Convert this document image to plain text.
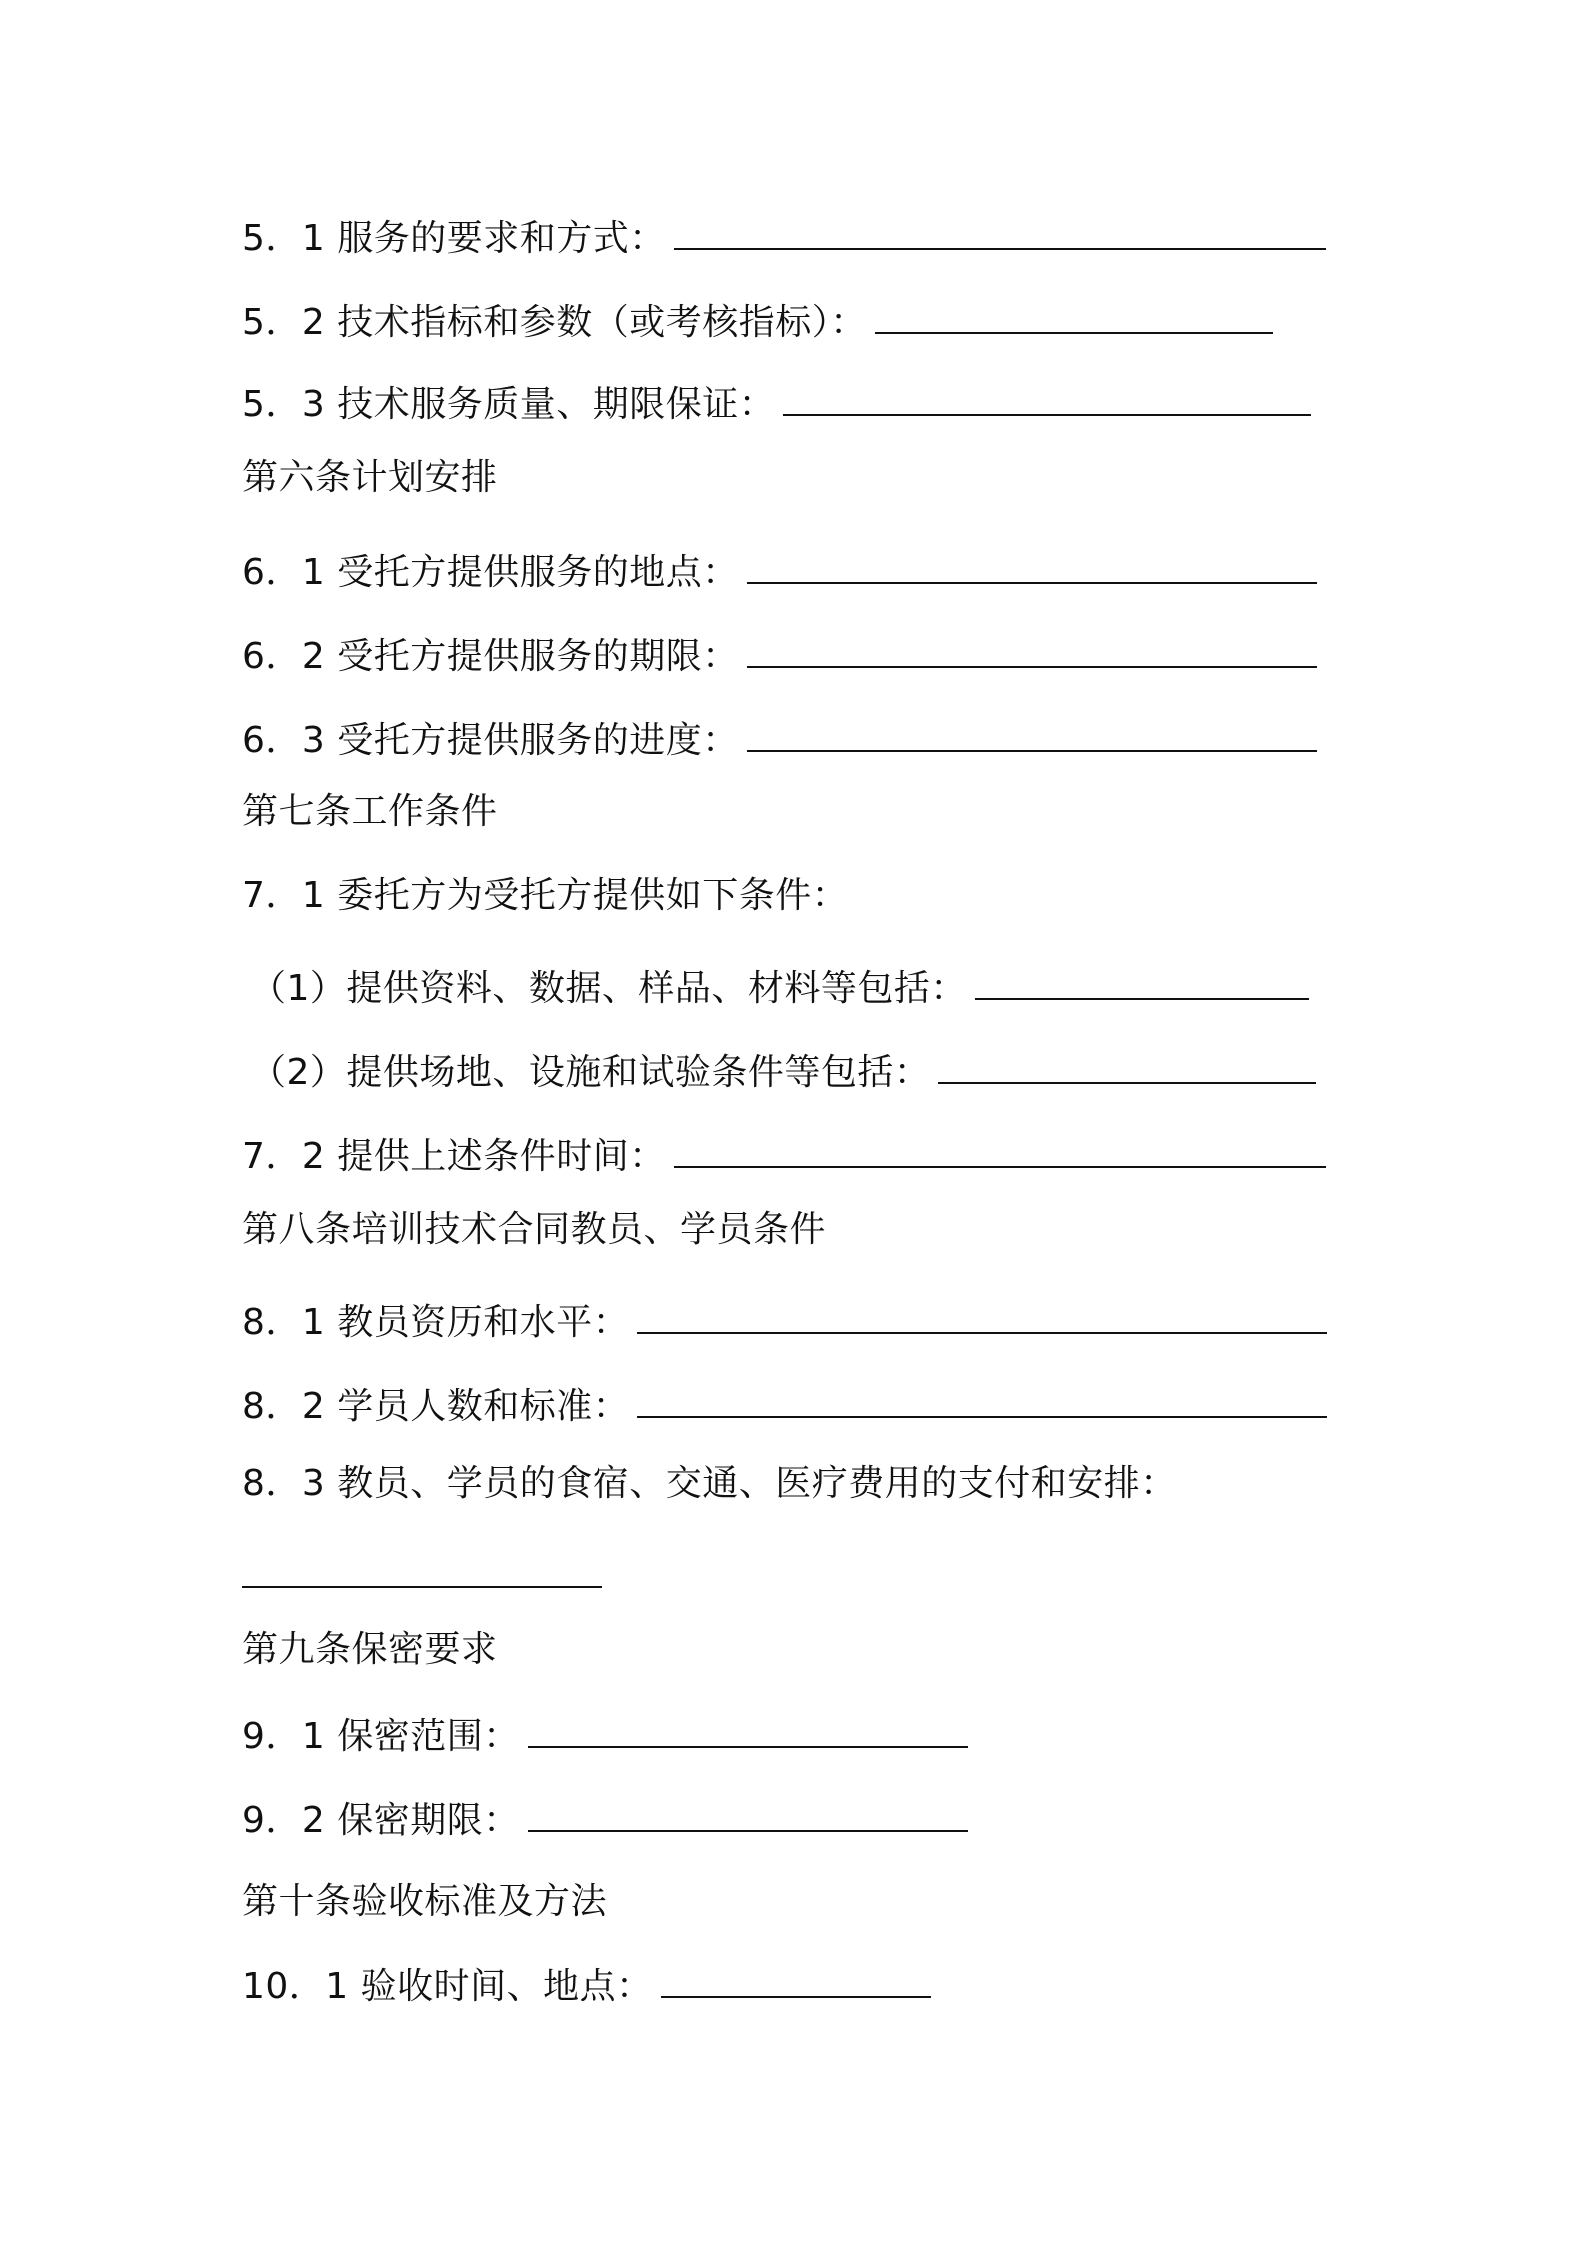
5．1 服务的要求和方式：
5．2 技术指标和参数（或考核指标）：
5．3 技术服务质量、期限保证：
第六条计划安排
6．1 受托方提供服务的地点：
6．2 受托方提供服务的期限：
6．3 受托方提供服务的进度：
第七条工作条件
7．1 委托方为受托方提供如下条件：
（1）提供资料、数据、样品、材料等包括：
（2）提供场地、设施和试验条件等包括：
7．2 提供上述条件时间：
第八条培训技术合同教员、学员条件
8．1 教员资历和水平：
8．2 学员人数和标准：
8．3 教员、学员的食宿、交通、医疗费用的支付和安排：
第九条保密要求
9．1 保密范围：
9．2 保密期限：
第十条验收标准及方法
10．1 验收时间、地点：
